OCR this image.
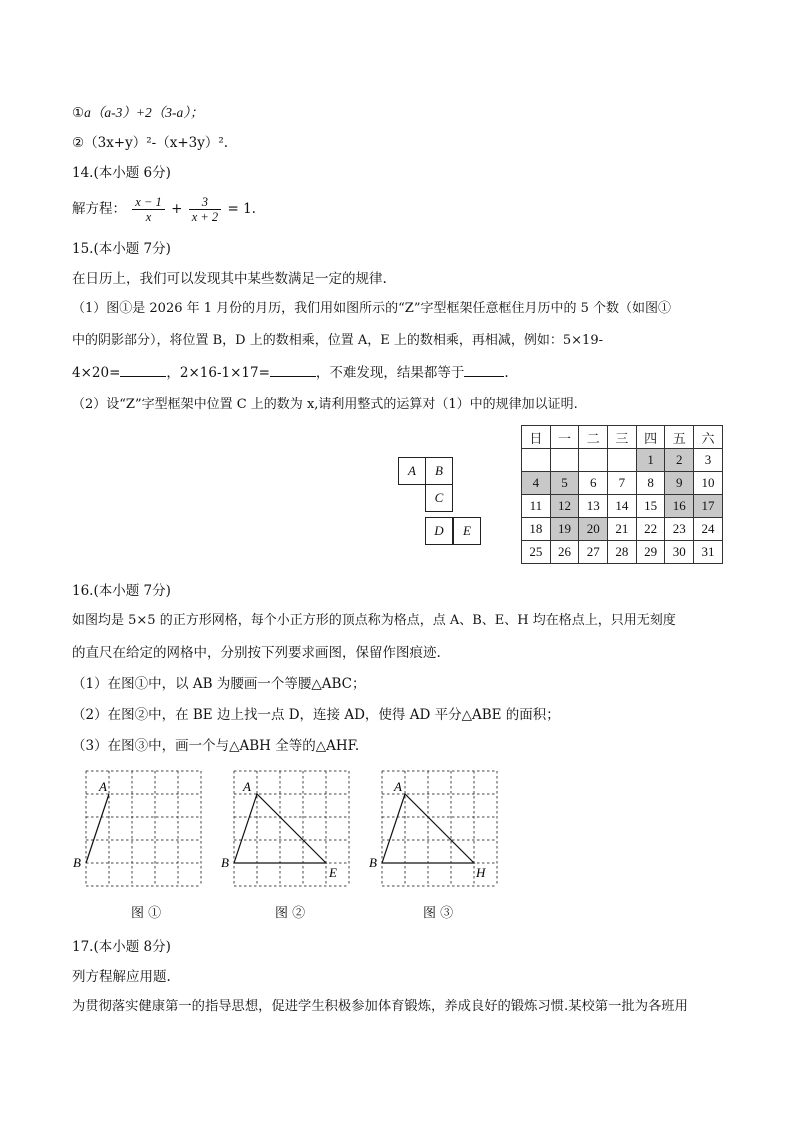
①a（a-3）+2（3-a）；
②（3x+y）²-（x+3y）².
14.(本小题 6分)
解方程： $\frac{x - 1}{x} + \frac{3}{x + 2} = 1$.
15.(本小题 7分)
在日历上，我们可以发现其中某些数满足一定的规律.
（1）图①是 2026 年 1 月份的月历，我们用如图所示的“Z”字型框架任意框住月历中的 5 个数（如图①
中的阴影部分），将位置 B，D 上的数相乘，位置 A，E 上的数相乘，再相减，例如：5×19-
4×20=	，2×16-1×17=	，不难发现，结果都等于	.
（2）设“Z”字型框架中位置 C 上的数为 x,请利用整式的运算对（1）中的规律加以证明.
A	B
C
D	E
日	一	二	三	四	五	六
				1	2	3
4	5	6	7	8	9	10
11	12	13	14	15	16	17
18	19	20	21	22	23	24
25	26	27	28	29	30	31
16.(本小题 7分)
如图均是 5×5 的正方形网格，每个小正方形的顶点称为格点，点 A、B、E、H 均在格点上，只用无刻度
的直尺在给定的网格中，分别按下列要求画图，保留作图痕迹.
（1）在图①中，以 AB 为腰画一个等腰△ABC；
（2）在图②中，在 BE 边上找一点 D，连接 AD，使得 AD 平分△ABE 的面积；
（3）在图③中，画一个与△ABH 全等的△AHF.
A
B
A
B
E
A
B
H
图 ①	图 ②	图 ③
17.(本小题 8分)
列方程解应用题.
为贯彻落实健康第一的指导思想，促进学生积极参加体育锻炼，养成良好的锻炼习惯.某校第一批为各班用
